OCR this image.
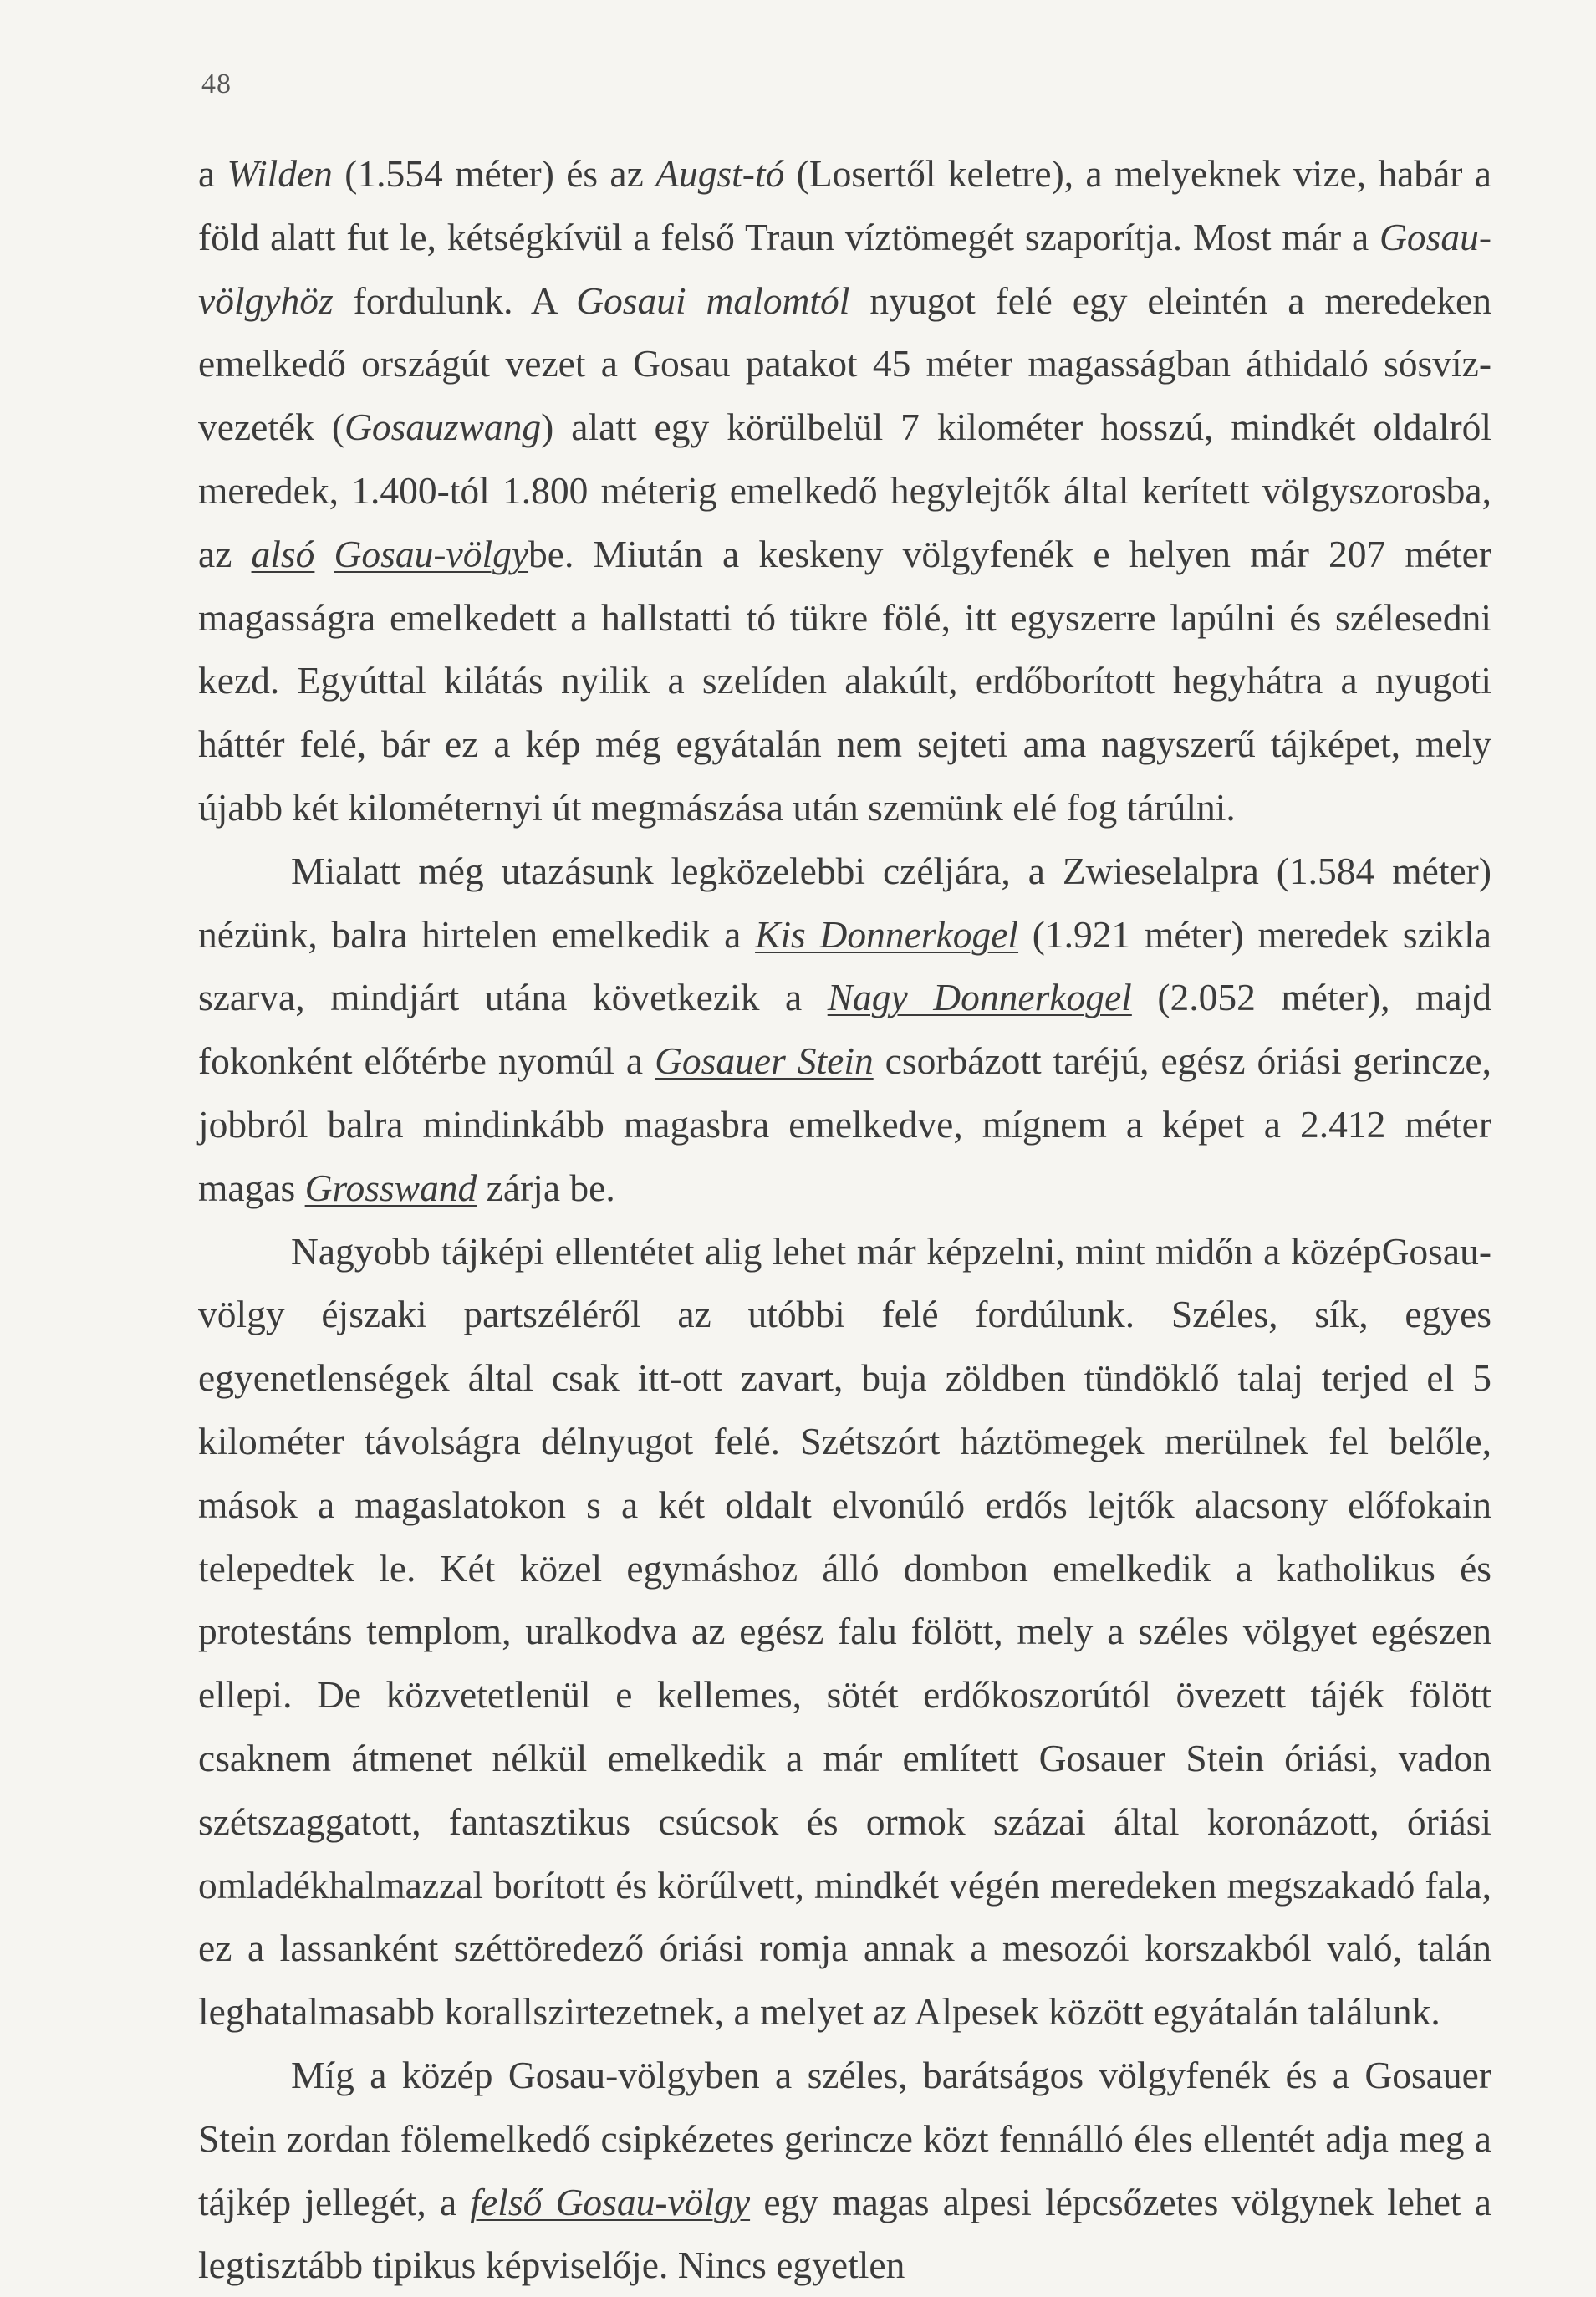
48

a Wilden (1.554 méter) és az Augst-tó (Losertől keletre), a melyeknek vize, habár a föld alatt fut le, kétségkívül a felső Traun víztömegét szaporítja. Most már a Gosau-völgyhöz fordulunk. A Gosaui malomtól nyugot felé egy eleintén a meredeken emelkedő országút vezet a Gosau patakot 45 méter magasságban áthidaló sósvíz-vezeték (Gosauzwang) alatt egy körülbelül 7 kilométer hosszú, mindkét oldalról meredek, 1.400-tól 1.800 méterig emelkedő hegylejtők által kerített völgyszorosba, az alsó Gosau-völgybe. Miután a keskeny völgyfenék e helyen már 207 méter magasságra emelkedett a hallstatti tó tükre fölé, itt egyszerre lapúlni és szélesedni kezd. Egyúttal kilátás nyilik a szelíden alakúlt, erdőborított hegyhátra a nyugoti háttér felé, bár ez a kép még egyátalán nem sejteti ama nagyszerű tájképet, mely újabb két kilométernyi út megmászása után szemünk elé fog tárúlni.

Mialatt még utazásunk legközelebbi czéljára, a Zwieselalpra (1.584 méter) nézünk, balra hirtelen emelkedik a Kis Donnerkogel (1.921 méter) meredek szikla szarva, mindjárt utána következik a Nagy Donnerkogel (2.052 méter), majd fokonként előtérbe nyomúl a Gosauer Stein csorbázott taréjú, egész óriási gerincze, jobbról balra mindinkább magasbra emelkedve, mígnem a képet a 2.412 méter magas Grosswand zárja be.

Nagyobb tájképi ellentétet alig lehet már képzelni, mint midőn a középGosau-völgy éjszaki partszéléről az utóbbi felé fordúlunk. Széles, sík, egyes egyenetlenségek által csak itt-ott zavart, buja zöldben tündöklő talaj terjed el 5 kilométer távolságra délnyugot felé. Szétszórt háztömegek merülnek fel belőle, mások a magaslatokon s a két oldalt elvonúló erdős lejtők alacsony előfokain telepedtek le. Két közel egymáshoz álló dombon emelkedik a katholikus és protestáns templom, uralkodva az egész falu fölött, mely a széles völgyet egészen ellepi. De közvetetlenül e kellemes, sötét erdőkoszorútól övezett tájék fölött csaknem átmenet nélkül emelkedik a már említett Gosauer Stein óriási, vadon szétszaggatott, fantasztikus csúcsok és ormok százai által koronázott, óriási omladékhalmazzal borított és körűlvett, mindkét végén meredeken megszakadó fala, ez a lassanként széttöredező óriási romja annak a mesozói korszakból való, talán leghatalmasabb korallszirtezetnek, a melyet az Alpesek között egyátalán találunk.

Míg a közép Gosau-völgyben a széles, barátságos völgyfenék és a Gosauer Stein zordan fölemelkedő csipkézetes gerincze közt fennálló éles ellentét adja meg a tájkép jellegét, a felső Gosau-völgy egy magas alpesi lépcsőzetes völgynek lehet a legtisztább tipikus képviselője. Nincs egyetlen
